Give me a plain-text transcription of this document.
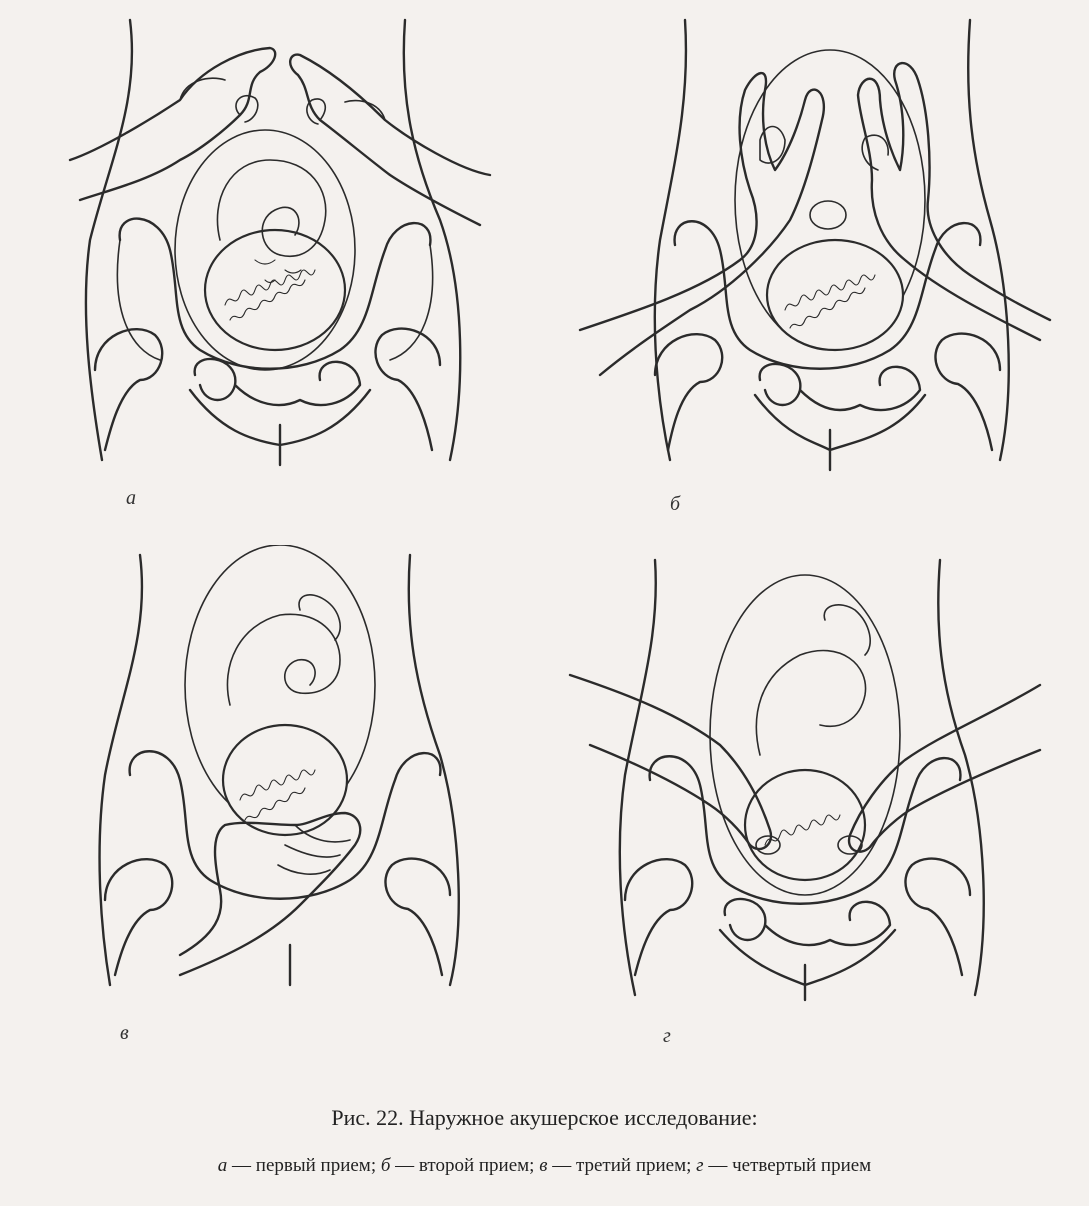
а	б
в	г
Рис. 22. Наружное акушерское исследование:
а — первый прием; б — второй прием; в — третий прием; г — четвертый прием
